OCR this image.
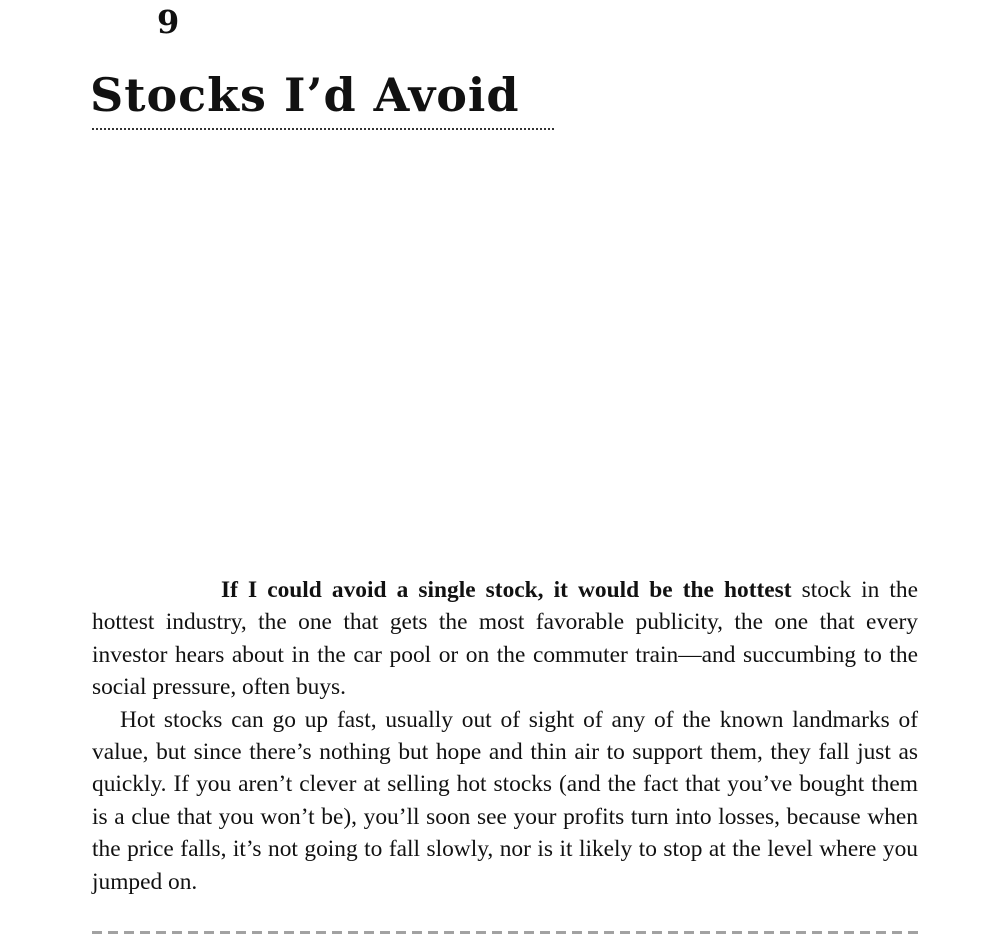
9
Stocks I’d Avoid

If I could avoid a single stock, it would be the hottest stock in the hottest industry, the one that gets the most favorable publicity, the one that every investor hears about in the car pool or on the commuter train—and succumbing to the social pressure, often buys.

Hot stocks can go up fast, usually out of sight of any of the known landmarks of value, but since there’s nothing but hope and thin air to support them, they fall just as quickly. If you aren’t clever at selling hot stocks (and the fact that you’ve bought them is a clue that you won’t be), you’ll soon see your profits turn into losses, because when the price falls, it’s not going to fall slowly, nor is it likely to stop at the level where you jumped on.
